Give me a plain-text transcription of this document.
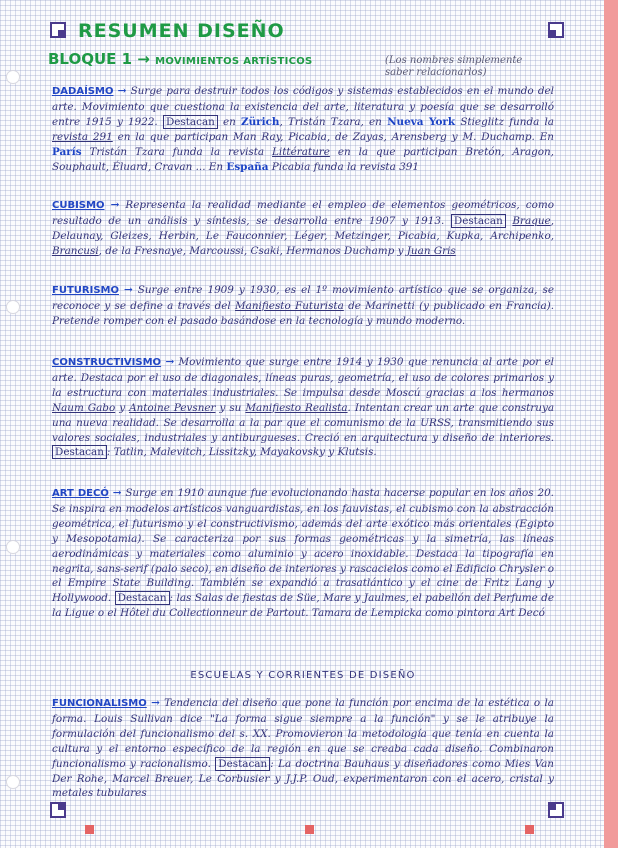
RESUMEN DISEÑO
BLOQUE 1 → MOVIMIENTOS ARTÍSTICOS	(Los nombres simplemente saber relacionarlos)
DADAÍSMO → Surge para destruir todos los códigos y sistemas establecidos en el mundo del arte. Movimiento que cuestiona la existencia del arte, literatura y poesía que se desarrolló entre 1915 y 1922. Destacan en Zürich, Tristán Tzara, en Nueva York Stieglitz funda la revista 291 en la que participan Man Ray, Picabia, de Zayas, Arensberg y M. Duchamp. En París Tristán Tzara funda la revista Littérature en la que participan Bretón, Aragon, Souphault, Éluard, Cravan ... En España Picabia funda la revista 391
CUBISMO → Representa la realidad mediante el empleo de elementos geométricos, como resultado de un análisis y síntesis, se desarrolla entre 1907 y 1913. Destacan Braque, Delaunay, Gleizes, Herbin, Le Fauconnier, Léger, Metzinger, Picabia, Kupka, Archipenko, Brancusi, de la Fresnaye, Marcoussi, Csaki, Hermanos Duchamp y Juan Gris
FUTURISMO → Surge entre 1909 y 1930, es el 1º movimiento artístico que se organiza, se reconoce y se define a través del Manifiesto Futurista de Marinetti (y publicado en Francia). Pretende romper con el pasado basándose en la tecnología y mundo moderno.
CONSTRUCTIVISMO → Movimiento que surge entre 1914 y 1930 que renuncia al arte por el arte. Destaca por el uso de diagonales, líneas puras, geometría, el uso de colores primarios y la estructura con materiales industriales. Se impulsa desde Moscú gracias a los hermanos Naum Gabo y Antoine Pevsner y su Manifiesto Realista. Intentan crear un arte que construya una nueva realidad. Se desarrolla a la par que el comunismo de la URSS, transmitiendo sus valores sociales, industriales y antiburgueses. Creció en arquitectura y diseño de interiores. Destacan : Tatlin, Malevitch, Lissitzky, Mayakovsky y Klutsis.
ART DECÓ → Surge en 1910 aunque fue evolucionando hasta hacerse popular en los años 20. Se inspira en modelos artísticos vanguardistas, en los fauvistas, el cubismo con la abstracción geométrica, el futurismo y el constructivismo, además del arte exótico más orientales (Egipto y Mesopotamia). Se caracteriza por sus formas geométricas y la simetría, las líneas aerodinámicas y materiales como aluminio y acero inoxidable. Destaca la tipografía en negrita, sans-serif (palo seco), en diseño de interiores y rascacielos como el Edificio Chrysler o el Empire State Building. También se expandió a trasatlántico y el cine de Fritz Lang y Hollywood. Destacan : las Salas de fiestas de Süe, Mare y Jaulmes, el pabellón del Perfume de la Ligue o el Hôtel du Collectionneur de Partout. Tamara de Lempicka como pintora Art Decó
ESCUELAS Y CORRIENTES DE DISEÑO
FUNCIONALISMO → Tendencia del diseño que pone la función por encima de la estética o la forma. Louis Sullivan dice "La forma sigue siempre a la función" y se le atribuye la formulación del funcionalismo del s. XX. Promovieron la metodología que tenía en cuenta la cultura y el entorno específico de la región en que se creaba cada diseño. Combinaron funcionalismo y racionalismo. Destacan : La doctrina Bauhaus y diseñadores como Mies Van Der Rohe, Marcel Breuer, Le Corbusier y J.J.P. Oud, experimentaron con el acero, cristal y metales tubulares
